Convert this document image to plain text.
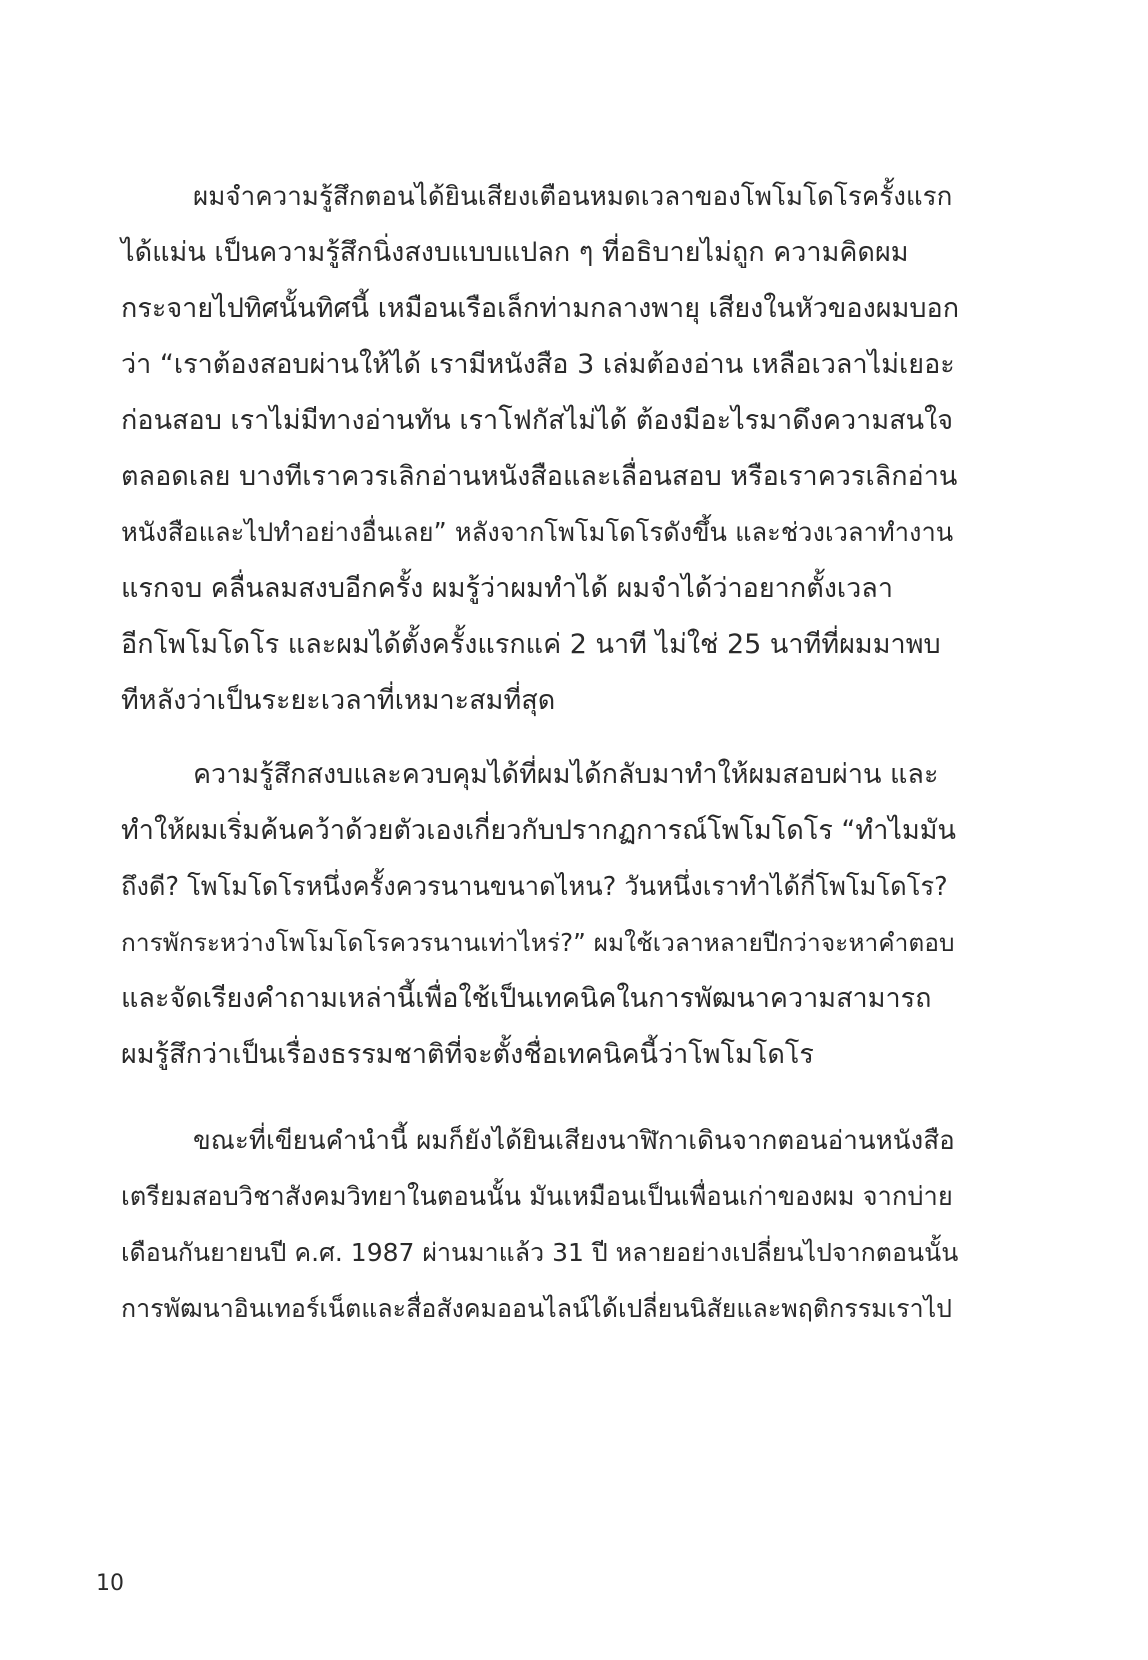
ผมจำความรู้สึกตอนได้ยินเสียงเตือนหมดเวลาของโพโมโดโรครั้งแรก
ได้แม่น เป็นความรู้สึกนิ่งสงบแบบแปลก ๆ ที่อธิบายไม่ถูก ความคิดผม
กระจายไปทิศนั้นทิศนี้ เหมือนเรือเล็กท่ามกลางพายุ เสียงในหัวของผมบอก
ว่า “เราต้องสอบผ่านให้ได้ เรามีหนังสือ 3 เล่มต้องอ่าน เหลือเวลาไม่เยอะ
ก่อนสอบ เราไม่มีทางอ่านทัน เราโฟกัสไม่ได้ ต้องมีอะไรมาดึงความสนใจ
ตลอดเลย บางทีเราควรเลิกอ่านหนังสือและเลื่อนสอบ หรือเราควรเลิกอ่าน
หนังสือและไปทำอย่างอื่นเลย” หลังจากโพโมโดโรดังขึ้น และช่วงเวลาทำงาน
แรกจบ คลื่นลมสงบอีกครั้ง ผมรู้ว่าผมทำได้ ผมจำได้ว่าอยากตั้งเวลา
อีกโพโมโดโร และผมได้ตั้งครั้งแรกแค่ 2 นาที ไม่ใช่ 25 นาทีที่ผมมาพบ
ทีหลังว่าเป็นระยะเวลาที่เหมาะสมที่สุด
ความรู้สึกสงบและควบคุมได้ที่ผมได้กลับมาทำให้ผมสอบผ่าน และ
ทำให้ผมเริ่มค้นคว้าด้วยตัวเองเกี่ยวกับปรากฏการณ์โพโมโดโร “ทำไมมัน
ถึงดี? โพโมโดโรหนึ่งครั้งควรนานขนาดไหน? วันหนึ่งเราทำได้กี่โพโมโดโร?
การพักระหว่างโพโมโดโรควรนานเท่าไหร่?” ผมใช้เวลาหลายปีกว่าจะหาคำตอบ
และจัดเรียงคำถามเหล่านี้เพื่อใช้เป็นเทคนิคในการพัฒนาความสามารถ
ผมรู้สึกว่าเป็นเรื่องธรรมชาติที่จะตั้งชื่อเทคนิคนี้ว่าโพโมโดโร
ขณะที่เขียนคำนำนี้ ผมก็ยังได้ยินเสียงนาฬิกาเดินจากตอนอ่านหนังสือ
เตรียมสอบวิชาสังคมวิทยาในตอนนั้น มันเหมือนเป็นเพื่อนเก่าของผม จากบ่าย
เดือนกันยายนปี ค.ศ. 1987 ผ่านมาแล้ว 31 ปี หลายอย่างเปลี่ยนไปจากตอนนั้น
การพัฒนาอินเทอร์เน็ตและสื่อสังคมออนไลน์ได้เปลี่ยนนิสัยและพฤติกรรมเราไป
10
